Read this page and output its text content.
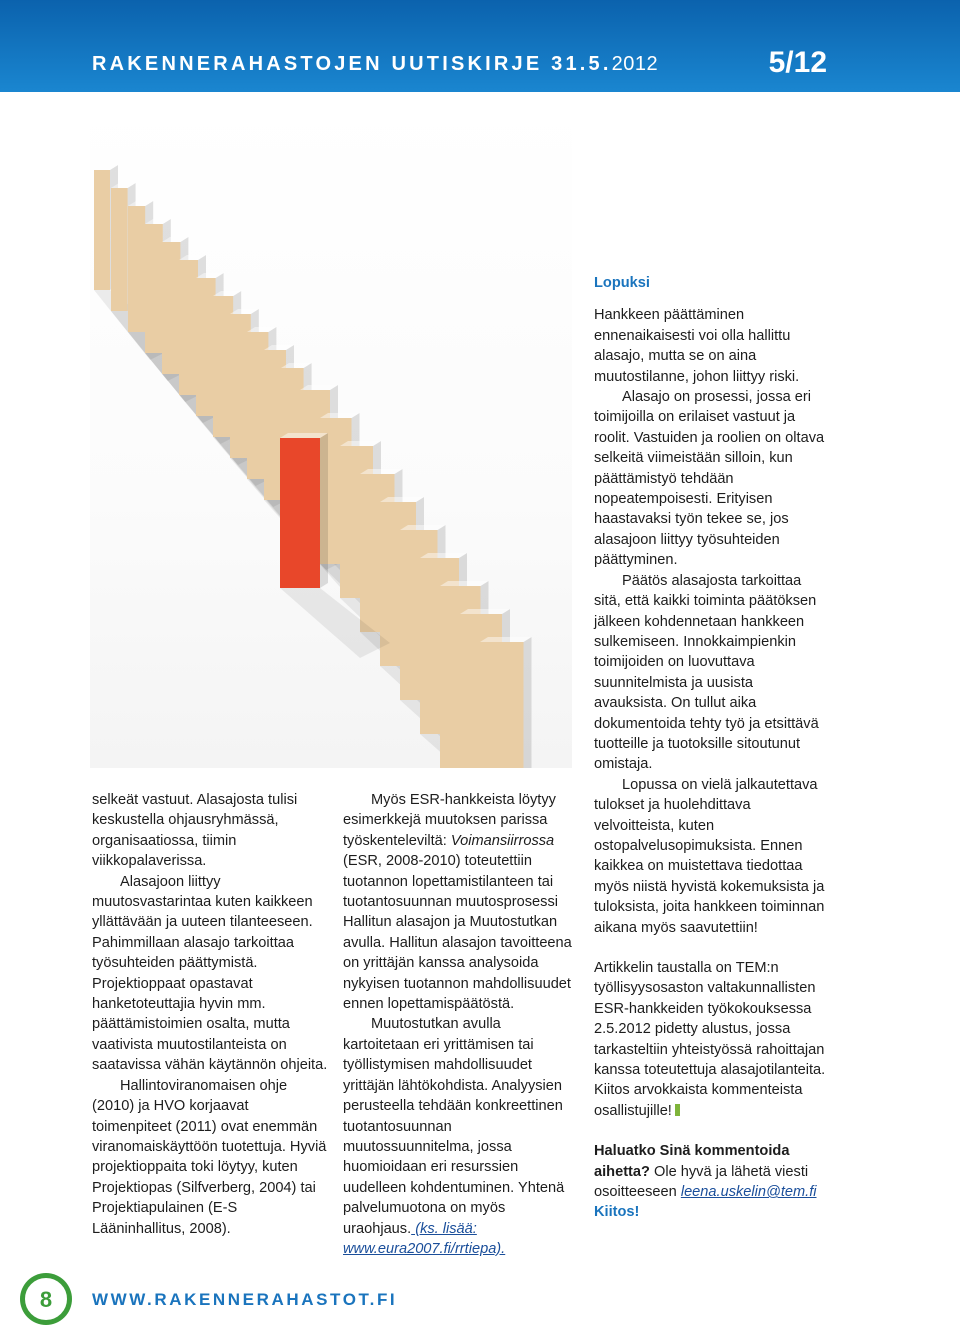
RAKENNERAHASTOJEN UUTISKIRJE 31.5.2012	5/12

selkeät vastuut. Alasajosta tulisi keskustella ohjausryhmässä, organisaatiossa, tiimin viikkopalaverissa.

Alasajoon liittyy muutosvastarintaa kuten kaikkeen yllättävään ja uuteen tilanteeseen. Pahimmillaan alasajo tarkoittaa työsuhteiden päättymistä. Projektioppaat opastavat hanketoteuttajia hyvin mm. päättämistoimien osalta, mutta vaativista muutostilanteista on saatavissa vähän käytännön ohjeita.

Hallintoviranomaisen ohje (2010) ja HVO korjaavat toimenpiteet (2011) ovat enemmän viranomaiskäyttöön tuotettuja. Hyviä projektioppaita toki löytyy, kuten Projektiopas (Silfverberg, 2004) tai Projektiapulainen (E-S Lääninhallitus, 2008).

Myös ESR-hankkeista löytyy esimerkkejä muutoksen parissa työskenteleviltä: Voimansiirrossa (ESR, 2008-2010) toteutettiin tuotannon lopettamistilanteen tai tuotantosuunnan muutosprosessi Hallitun alasajon ja Muutostutkan avulla. Hallitun alasajon tavoitteena on yrittäjän kanssa analysoida nykyisen tuotannon mahdollisuudet ennen lopettamispäätöstä.

Muutostutkan avulla kartoitetaan eri yrittämisen tai työllistymisen mahdollisuudet yrittäjän lähtökohdista. Analyysien perusteella tehdään konkreettinen tuotantosuunnan muutossuunnitelma, jossa huomioidaan eri resurssien uudelleen kohdentuminen. Yhtenä palvelumuotona on myös uraohjaus. (ks. lisää: www.eura2007.fi/rrtiepa).

Lopuksi

Hankkeen päättäminen ennenaikaisesti voi olla hallittu alasajo, mutta se on aina muutostilanne, johon liittyy riski.

Alasajo on prosessi, jossa eri toimijoilla on erilaiset vastuut ja roolit. Vastuiden ja roolien on oltava selkeitä viimeistään silloin, kun päättämistyö tehdään nopeatempoisesti. Erityisen haastavaksi työn tekee se, jos alasajoon liittyy työsuhteiden päättyminen.

Päätös alasajosta tarkoittaa sitä, että kaikki toiminta päätöksen jälkeen kohdennetaan hankkeen sulkemiseen. Innokkaimpienkin toimijoiden on luovuttava suunnitelmista ja uusista avauksista. On tullut aika dokumentoida tehty työ ja etsittävä tuotteille ja tuotoksille sitoutunut omistaja.

Lopussa on vielä jalkautettava tulokset ja huolehdittava velvoitteista, kuten ostopalvelusopimuksista. Ennen kaikkea on muistettava tiedottaa myös niistä hyvistä kokemuksista ja tuloksista, joita hankkeen toiminnan aikana myös saavutettiin!

Artikkelin taustalla on TEM:n työllisyysosaston valtakunnallisten ESR-hankkeiden työkokouksessa 2.5.2012 pidetty alustus, jossa tarkasteltiin yhteistyössä rahoittajan kanssa toteutettuja alasajotilanteita. Kiitos arvokkaista kommenteista osallistujille!

Haluatko Sinä kommentoida aihetta? Ole hyvä ja lähetä viesti osoitteeseen leena.uskelin@tem.fi

Kiitos!

8	WWW.RAKENNERAHASTOT.FI
